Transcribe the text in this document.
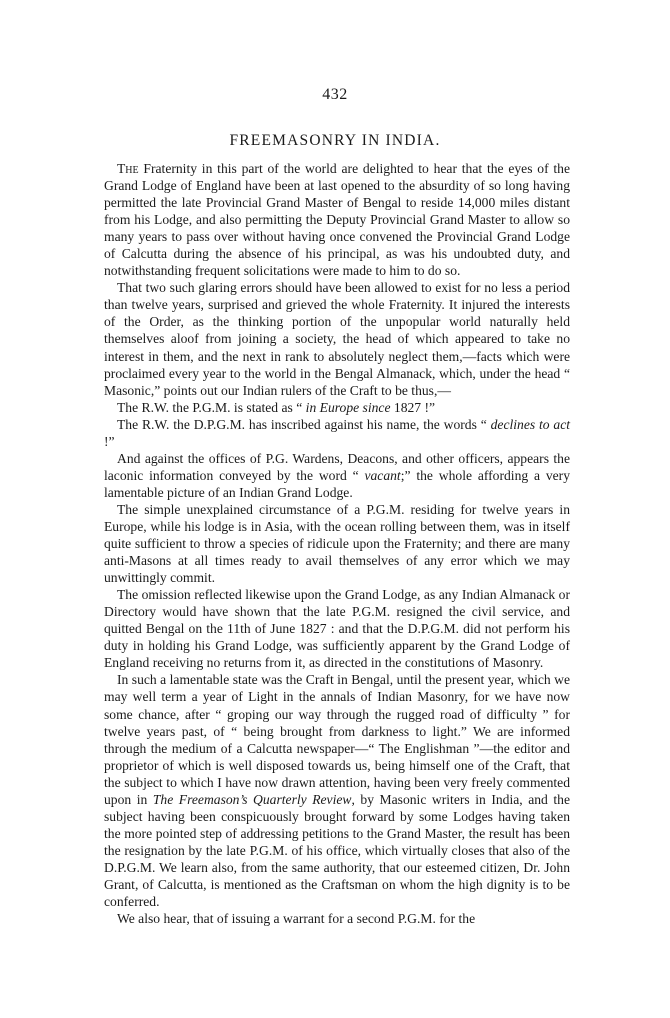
432
FREEMASONRY IN INDIA.

The Fraternity in this part of the world are delighted to hear that the eyes of the Grand Lodge of England have been at last opened to the absurdity of so long having permitted the late Provincial Grand Master of Bengal to reside 14,000 miles distant from his Lodge, and also permitting the Deputy Provincial Grand Master to allow so many years to pass over without having once convened the Provincial Grand Lodge of Calcutta during the absence of his principal, as was his undoubted duty, and notwithstanding frequent solicitations were made to him to do so.

That two such glaring errors should have been allowed to exist for no less a period than twelve years, surprised and grieved the whole Fraternity. It injured the interests of the Order, as the thinking portion of the unpopular world naturally held themselves aloof from joining a society, the head of which appeared to take no interest in them, and the next in rank to absolutely neglect them,—facts which were proclaimed every year to the world in the Bengal Almanack, which, under the head “ Masonic,” points out our Indian rulers of the Craft to be thus,—

The R.W. the P.G.M. is stated as “ in Europe since 1827 !”

The R.W. the D.P.G.M. has inscribed against his name, the words “ declines to act !”

And against the offices of P.G. Wardens, Deacons, and other officers, appears the laconic information conveyed by the word “ vacant;” the whole affording a very lamentable picture of an Indian Grand Lodge.

The simple unexplained circumstance of a P.G.M. residing for twelve years in Europe, while his lodge is in Asia, with the ocean rolling between them, was in itself quite sufficient to throw a species of ridicule upon the Fraternity; and there are many anti-Masons at all times ready to avail themselves of any error which we may unwittingly commit.

The omission reflected likewise upon the Grand Lodge, as any Indian Almanack or Directory would have shown that the late P.G.M. resigned the civil service, and quitted Bengal on the 11th of June 1827 : and that the D.P.G.M. did not perform his duty in holding his Grand Lodge, was sufficiently apparent by the Grand Lodge of England receiving no returns from it, as directed in the constitutions of Masonry.

In such a lamentable state was the Craft in Bengal, until the present year, which we may well term a year of Light in the annals of Indian Masonry, for we have now some chance, after “ groping our way through the rugged road of difficulty ” for twelve years past, of “ being brought from darkness to light.” We are informed through the medium of a Calcutta newspaper—“ The Englishman ”—the editor and proprietor of which is well disposed towards us, being himself one of the Craft, that the subject to which I have now drawn attention, having been very freely commented upon in The Freemason’s Quarterly Review, by Masonic writers in India, and the subject having been conspicuously brought forward by some Lodges having taken the more pointed step of addressing petitions to the Grand Master, the result has been the resignation by the late P.G.M. of his office, which virtually closes that also of the D.P.G.M. We learn also, from the same authority, that our esteemed citizen, Dr. John Grant, of Calcutta, is mentioned as the Craftsman on whom the high dignity is to be conferred.

We also hear, that of issuing a warrant for a second P.G.M. for the
